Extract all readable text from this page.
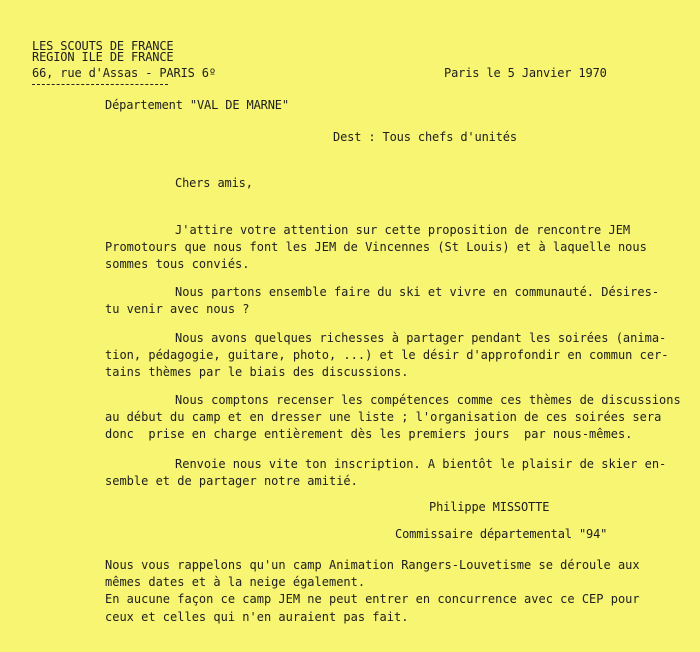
LES SCOUTS DE FRANCE
REGION ILE DE FRANCE
66, rue d'Assas - PARIS 6º	Paris le 5 Janvier 1970
Département "VAL DE MARNE"
Dest : Tous chefs d'unités
Chers amis,
J'attire votre attention sur cette proposition de rencontre JEM
Promotours que nous font les JEM de Vincennes (St Louis) et à laquelle nous
sommes tous conviés.
Nous partons ensemble faire du ski et vivre en communauté. Désires-
tu venir avec nous ?
Nous avons quelques richesses à partager pendant les soirées (anima-
tion, pédagogie, guitare, photo, ...) et le désir d'approfondir en commun cer-
tains thèmes par le biais des discussions.
Nous comptons recenser les compétences comme ces thèmes de discussions
au début du camp et en dresser une liste ; l'organisation de ces soirées sera
donc  prise en charge entièrement dès les premiers jours  par nous-mêmes.
Renvoie nous vite ton inscription. A bientôt le plaisir de skier en-
semble et de partager notre amitié.
Philippe MISSOTTE
Commissaire départemental "94"
Nous vous rappelons qu'un camp Animation Rangers-Louvetisme se déroule aux
mêmes dates et à la neige également.
En aucune façon ce camp JEM ne peut entrer en concurrence avec ce CEP pour
ceux et celles qui n'en auraient pas fait.
